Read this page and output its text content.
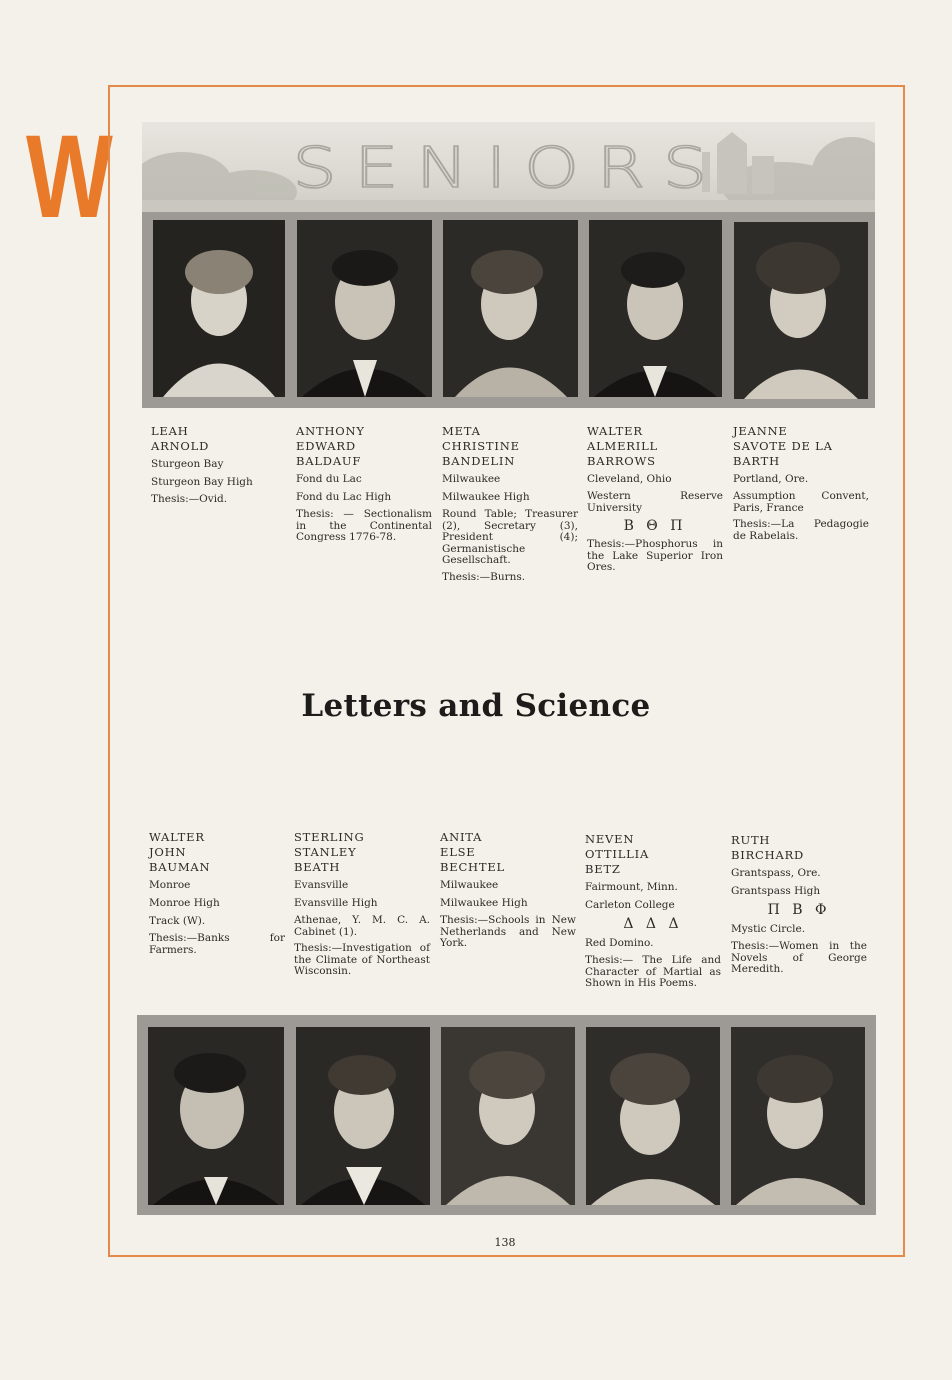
W	SENIORS
LEAH
ARNOLD
Sturgeon Bay
Sturgeon Bay High
Thesis:—Ovid.
ANTHONY
EDWARD
BALDAUF
Fond du Lac
Fond du Lac High
Thesis: — Sectionalism in the Continental Congress 1776-78.
META
CHRISTINE
BANDELIN
Milwaukee
Milwaukee High
Round Table; Treasurer (2), Secretary (3), President (4); Germanistische Gesellschaft.
Thesis:—Burns.
WALTER
ALMERILL
BARROWS
Cleveland, Ohio
Western Reserve University
Β Θ Π
Thesis:—Phosphorus in the Lake Superior Iron Ores.
JEANNE
SAVOTE DE LA
BARTH
Portland, Ore.
Assumption Convent, Paris, France
Thesis:—La Pedagogie de Rabelais.
Letters and Science
WALTER
JOHN
BAUMAN
Monroe
Monroe High
Track (W).
Thesis:—Banks for Farmers.
STERLING
STANLEY
BEATH
Evansville
Evansville High
Athenae, Y. M. C. A. Cabinet (1).
Thesis:—Investigation of the Climate of Northeast Wisconsin.
ANITA
ELSE
BECHTEL
Milwaukee
Milwaukee High
Thesis:—Schools in New Netherlands and New York.
NEVEN
OTTILLIA
BETZ
Fairmount, Minn.
Carleton College
Δ Δ Δ
Red Domino.
Thesis:— The Life and Character of Martial as Shown in His Poems.
RUTH
BIRCHARD
Grantspass, Ore.
Grantspass High
Π Β Φ
Mystic Circle.
Thesis:—Women in the Novels of George Meredith.
138
